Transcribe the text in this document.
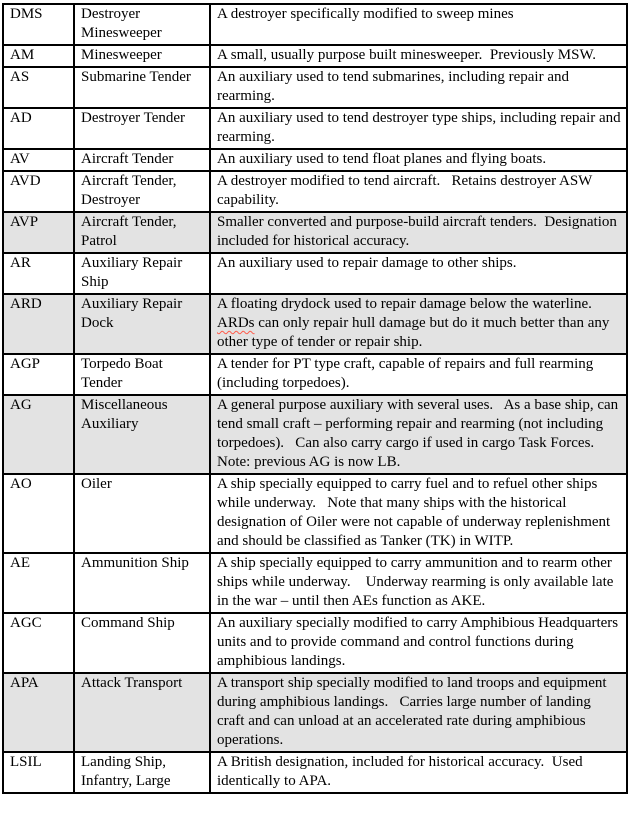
DMS	Destroyer Minesweeper	A destroyer specifically modified to sweep mines
AM	Minesweeper	A small, usually purpose built minesweeper.  Previously MSW.
AS	Submarine Tender	An auxiliary used to tend submarines, including repair and rearming.
AD	Destroyer Tender	An auxiliary used to tend destroyer type ships, including repair and rearming.
AV	Aircraft Tender	An auxiliary used to tend float planes and flying boats.
AVD	Aircraft Tender, Destroyer	A destroyer modified to tend aircraft.   Retains destroyer ASW capability.
AVP	Aircraft Tender, Patrol	Smaller converted and purpose-build aircraft tenders.  Designation included for historical accuracy.
AR	Auxiliary Repair Ship	An auxiliary used to repair damage to other ships.
ARD	Auxiliary Repair Dock	A floating drydock used to repair damage below the waterline.   ARDs can only repair hull damage but do it much better than any other type of tender or repair ship.
AGP	Torpedo Boat Tender	A tender for PT type craft, capable of repairs and full rearming (including torpedoes).
AG	Miscellaneous Auxiliary	A general purpose auxiliary with several uses.   As a base ship, can tend small craft – performing repair and rearming (not including torpedoes).   Can also carry cargo if used in cargo Task Forces.  Note: previous AG is now LB.
AO	Oiler	A ship specially equipped to carry fuel and to refuel other ships while underway.   Note that many ships with the historical designation of Oiler were not capable of underway replenishment and should be classified as Tanker (TK) in WITP.
AE	Ammunition Ship	A ship specially equipped to carry ammunition and to rearm other ships while underway.    Underway rearming is only available late in the war – until then AEs function as AKE.
AGC	Command Ship	An auxiliary specially modified to carry Amphibious Headquarters units and to provide command and control functions during amphibious landings.
APA	Attack Transport	A transport ship specially modified to land troops and equipment during amphibious landings.   Carries large number of landing craft and can unload at an accelerated rate during amphibious operations.
LSIL	Landing Ship, Infantry, Large	A British designation, included for historical accuracy.  Used identically to APA.
